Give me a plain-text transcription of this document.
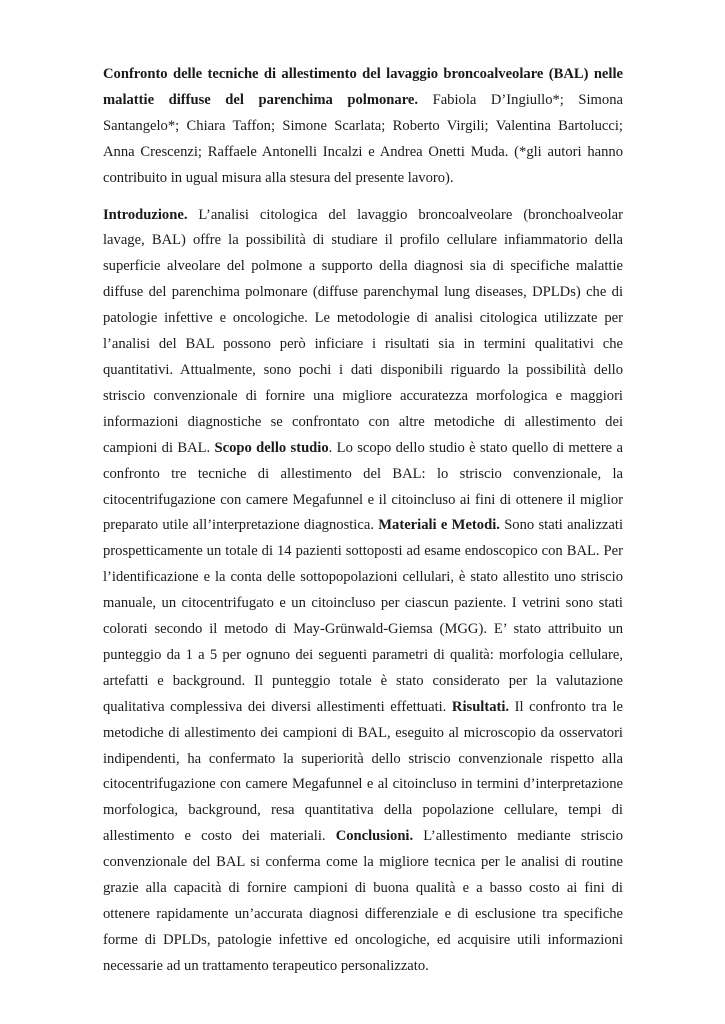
Confronto delle tecniche di allestimento del lavaggio broncoalveolare (BAL) nelle malattie diffuse del parenchima polmonare. Fabiola D’Ingiullo*; Simona Santangelo*; Chiara Taffon; Simone Scarlata; Roberto Virgili; Valentina Bartolucci; Anna Crescenzi; Raffaele Antonelli Incalzi e Andrea Onetti Muda. (*gli autori hanno contribuito in ugual misura alla stesura del presente lavoro).

Introduzione. L’analisi citologica del lavaggio broncoalveolare (bronchoalveolar lavage, BAL) offre la possibilità di studiare il profilo cellulare infiammatorio della superficie alveolare del polmone a supporto della diagnosi sia di specifiche malattie diffuse del parenchima polmonare (diffuse parenchymal lung diseases, DPLDs) che di patologie infettive e oncologiche. Le metodologie di analisi citologica utilizzate per l’analisi del BAL possono però inficiare i risultati sia in termini qualitativi che quantitativi. Attualmente, sono pochi i dati disponibili riguardo la possibilità dello striscio convenzionale di fornire una migliore accuratezza morfologica e maggiori informazioni diagnostiche se confrontato con altre metodiche di allestimento dei campioni di BAL. Scopo dello studio. Lo scopo dello studio è stato quello di mettere a confronto tre tecniche di allestimento del BAL: lo striscio convenzionale, la citocentrifugazione con camere Megafunnel e il citoincluso ai fini di ottenere il miglior preparato utile all’interpretazione diagnostica. Materiali e Metodi. Sono stati analizzati prospetticamente un totale di 14 pazienti sottoposti ad esame endoscopico con BAL. Per l’identificazione e la conta delle sottopopolazioni cellulari, è stato allestito uno striscio manuale, un citocentrifugato e un citoincluso per ciascun paziente. I vetrini sono stati colorati secondo il metodo di May-Grünwald-Giemsa (MGG). E’ stato attribuito un punteggio da 1 a 5 per ognuno dei seguenti parametri di qualità: morfologia cellulare, artefatti e background. Il punteggio totale è stato considerato per la valutazione qualitativa complessiva dei diversi allestimenti effettuati. Risultati. Il confronto tra le metodiche di allestimento dei campioni di BAL, eseguito al microscopio da osservatori indipendenti, ha confermato la superiorità dello striscio convenzionale rispetto alla citocentrifugazione con camere Megafunnel e al citoincluso in termini d’interpretazione morfologica, background, resa quantitativa della popolazione cellulare, tempi di allestimento e costo dei materiali. Conclusioni. L’allestimento mediante striscio convenzionale del BAL si conferma come la migliore tecnica per le analisi di routine grazie alla capacità di fornire campioni di buona qualità e a basso costo ai fini di ottenere rapidamente un’accurata diagnosi differenziale e di esclusione tra specifiche forme di DPLDs, patologie infettive ed oncologiche, ed acquisire utili informazioni necessarie ad un trattamento terapeutico personalizzato.
